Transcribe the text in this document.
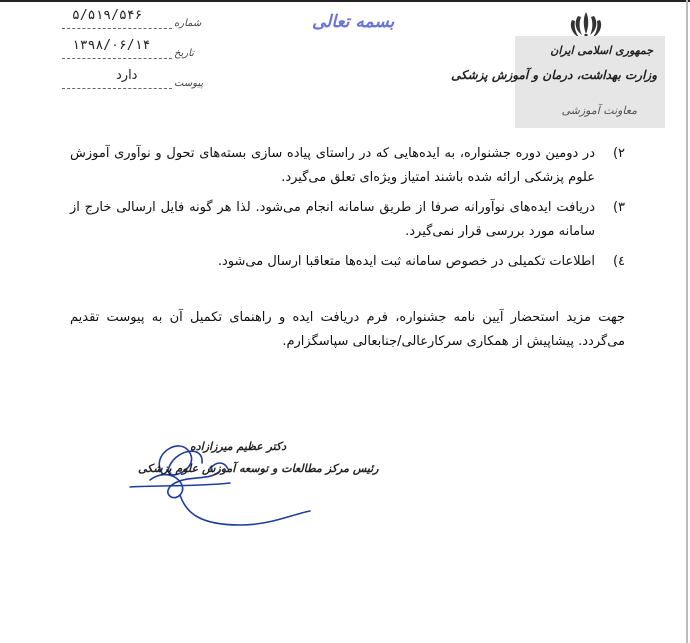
۵/۵۱۹/۵۴۶
شماره
۱۳۹۸/۰۶/۱۴
تاریخ
دارد
پیوست
بسمه تعالی
جمهوری اسلامی ایران
وزارت بهداشت، درمان و آموزش پزشکی
معاونت آموزشی
۲)
در دومین دوره جشنواره، به ایده‌هایی که در راستای پیاده سازی بسته‌های تحول و نوآوری آموزش علوم پزشکی ارائه شده باشند امتیاز ویژه‌ای تعلق می‌گیرد.
۳)
دریافت ایده‌های نوآورانه صرفا از طریق سامانه انجام می‌شود. لذا هر گونه فایل ارسالی خارج از سامانه مورد بررسی قرار نمی‌گیرد.
٤)
اطلاعات تکمیلی در خصوص سامانه ثبت ایده‌ها متعاقبا ارسال می‌شود.
جهت مزید استحضار آیین نامه جشنواره، فرم دریافت ایده و راهنمای تکمیل آن به پیوست تقدیم می‌گردد. پیشاپیش از همکاری سرکارعالی/جنابعالی سپاسگزارم.
دکتر عظیم میرزازاده
رئیس مرکز مطالعات و توسعه آموزش علوم پزشکی
